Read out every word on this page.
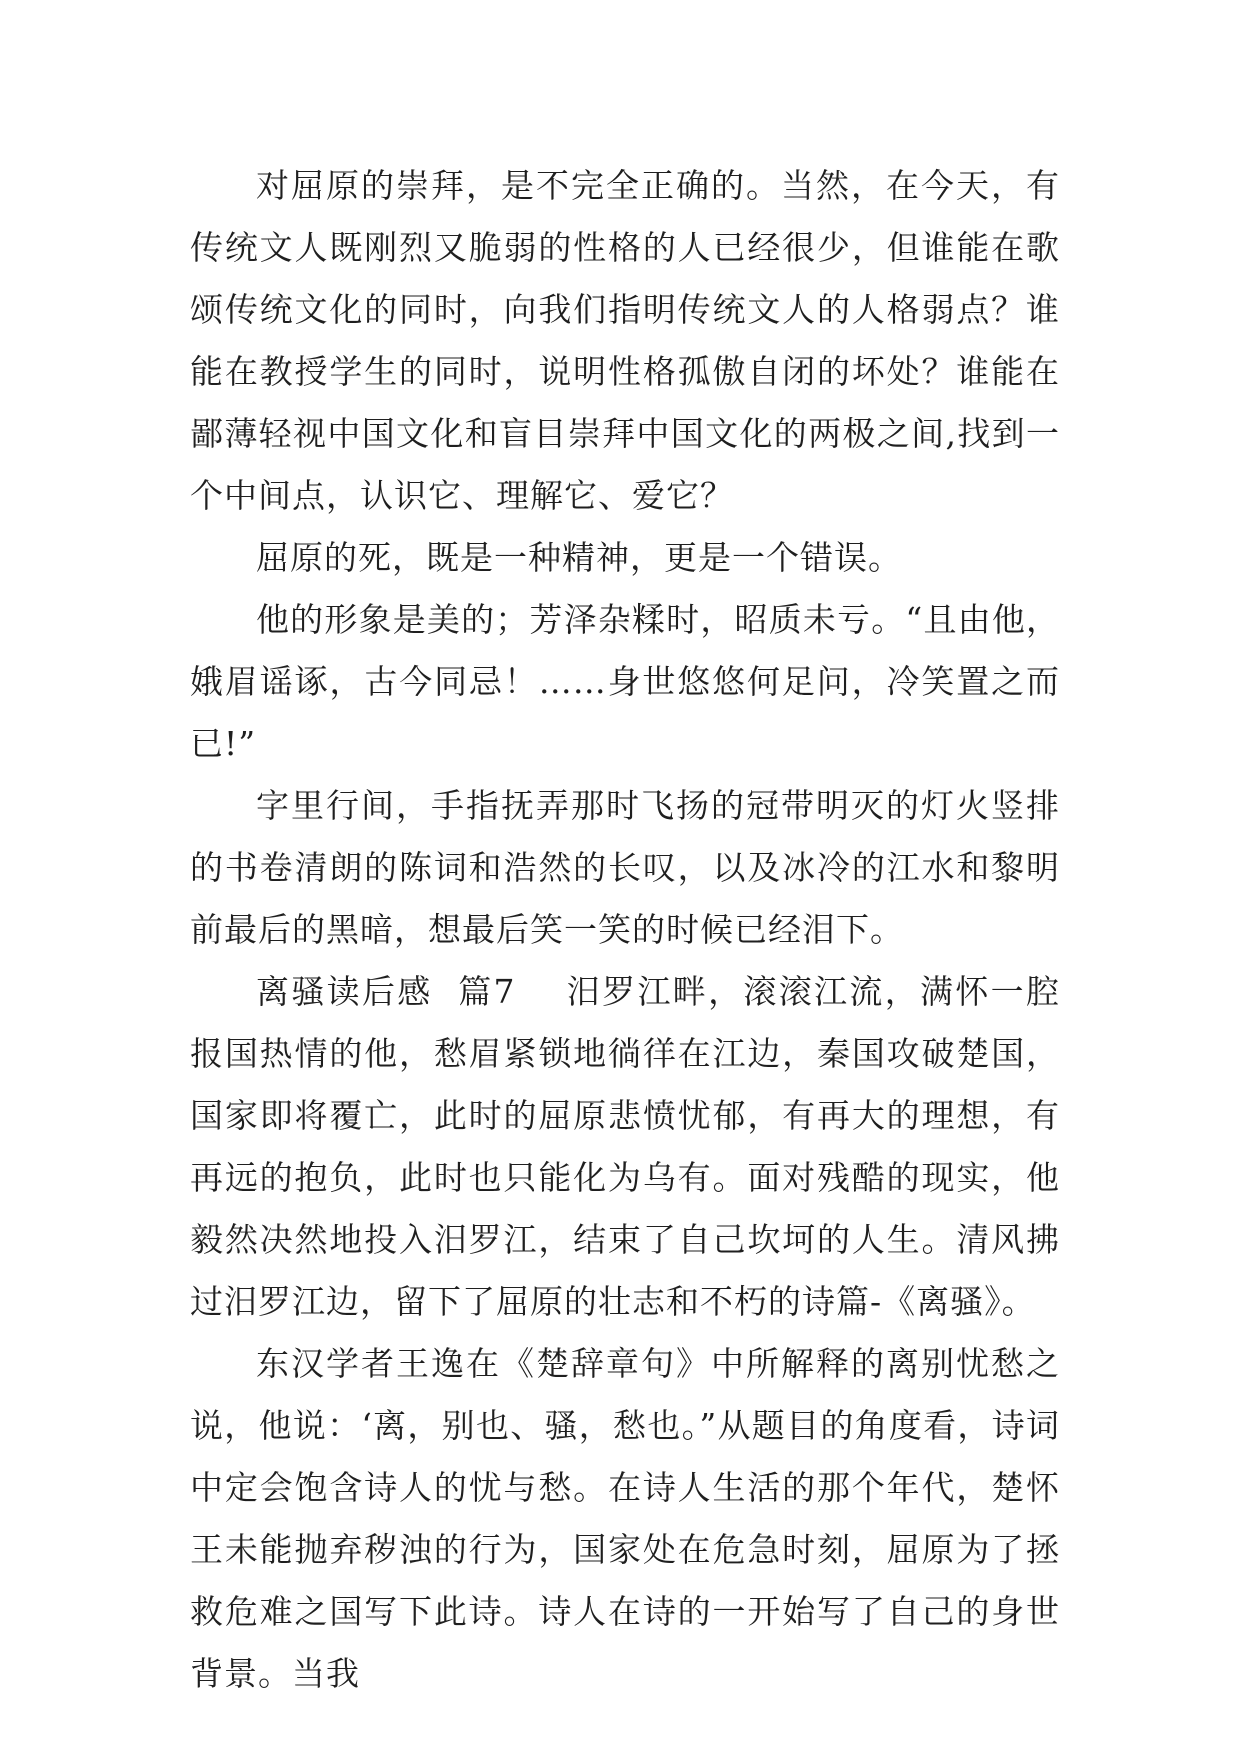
对屈原的崇拜，是不完全正确的。当然，在今天，有传统文人既刚烈又脆弱的性格的人已经很少，但谁能在歌颂传统文化的同时，向我们指明传统文人的人格弱点？谁能在教授学生的同时，说明性格孤傲自闭的坏处？谁能在鄙薄轻视中国文化和盲目崇拜中国文化的两极之间,找到一个中间点，认识它、理解它、爱它？

屈原的死，既是一种精神，更是一个错误。

他的形象是美的；芳泽杂糅时，昭质未亏。“且由他，娥眉谣诼，古今同忌！……身世悠悠何足问，冷笑置之而已!”

字里行间，手指抚弄那时飞扬的冠带明灭的灯火竖排的书卷清朗的陈词和浩然的长叹，以及冰冷的江水和黎明前最后的黑暗，想最后笑一笑的时候已经泪下。

离骚读后感  篇7    汨罗江畔，滚滚江流，满怀一腔报国热情的他，愁眉紧锁地徜徉在江边，秦国攻破楚国，国家即将覆亡，此时的屈原悲愤忧郁，有再大的理想，有再远的抱负，此时也只能化为乌有。面对残酷的现实，他毅然决然地投入汨罗江，结束了自己坎坷的人生。清风拂过汨罗江边，留下了屈原的壮志和不朽的诗篇-《离骚》。

东汉学者王逸在《楚辞章句》中所解释的离别忧愁之说，他说：‘离，别也、骚，愁也。”从题目的角度看，诗词中定会饱含诗人的忧与愁。在诗人生活的那个年代，楚怀王未能抛弃秽浊的行为，国家处在危急时刻，屈原为了拯救危难之国写下此诗。诗人在诗的一开始写了自己的身世背景。当我
